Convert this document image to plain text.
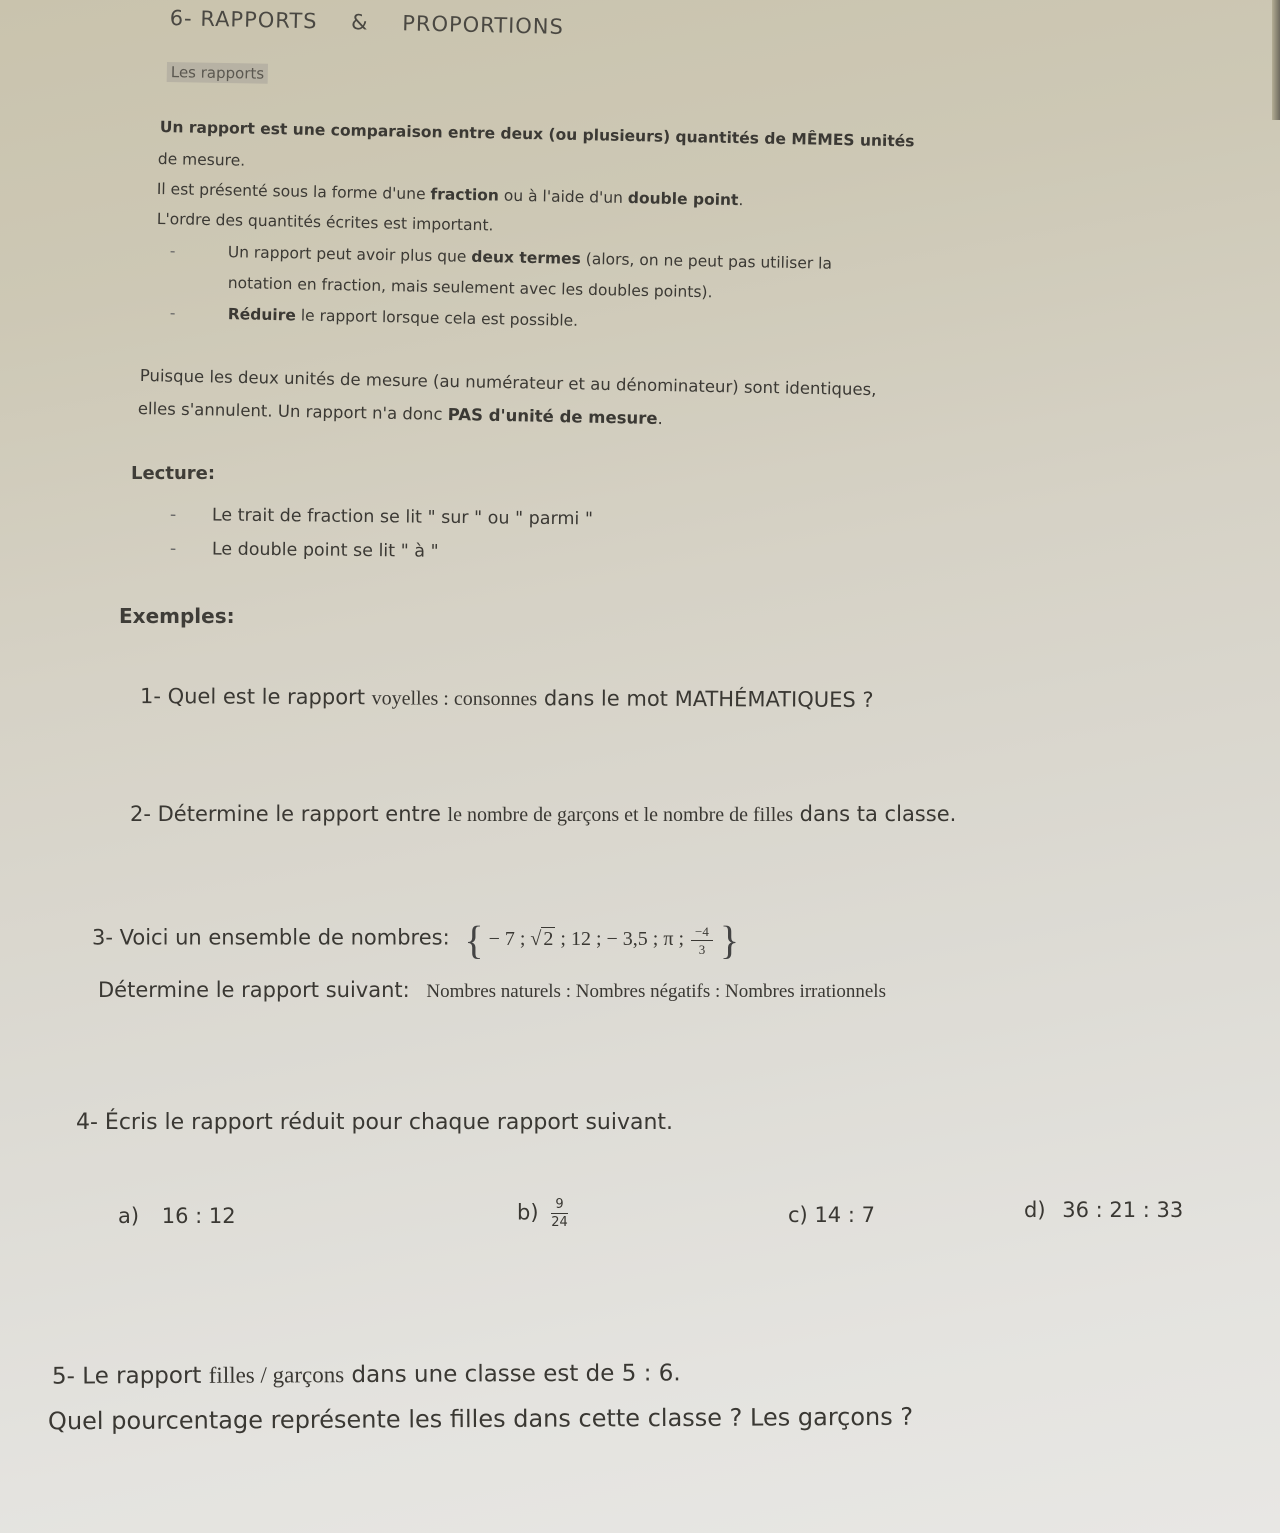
6- RAPPORTS & PROPORTIONS
Les rapports
Un rapport est une comparaison entre deux (ou plusieurs) quantités de MÊMES unités
de mesure.
Il est présenté sous la forme d'une fraction ou à l'aide d'un double point.
L'ordre des quantités écrites est important.
-	Un rapport peut avoir plus que deux termes (alors, on ne peut pas utiliser la
notation en fraction, mais seulement avec les doubles points).
-	Réduire le rapport lorsque cela est possible.
Puisque les deux unités de mesure (au numérateur et au dénominateur) sont identiques,
elles s'annulent. Un rapport n'a donc PAS d'unité de mesure.
Lecture:
- Le trait de fraction se lit " sur " ou " parmi "
- Le double point se lit " à "
Exemples:
1- Quel est le rapport voyelles : consonnes dans le mot MATHÉMATIQUES ?
2- Détermine le rapport entre le nombre de garçons et le nombre de filles dans ta classe.
3- Voici un ensemble de nombres: { − 7 ; √ 2 ; 12 ; − 3,5 ; π ; $\frac{-4}{3}$ }
Détermine le rapport suivant: Nombres naturels : Nombres négatifs : Nombres irrationnels
4- Écris le rapport réduit pour chaque rapport suivant.
a) 16 : 12	$b) \frac{9}{24}$	c) 14 : 7	d) 36 : 21 : 33
5- Le rapport filles / garçons dans une classe est de 5 : 6.
Quel pourcentage représente les filles dans cette classe ? Les garçons ?
